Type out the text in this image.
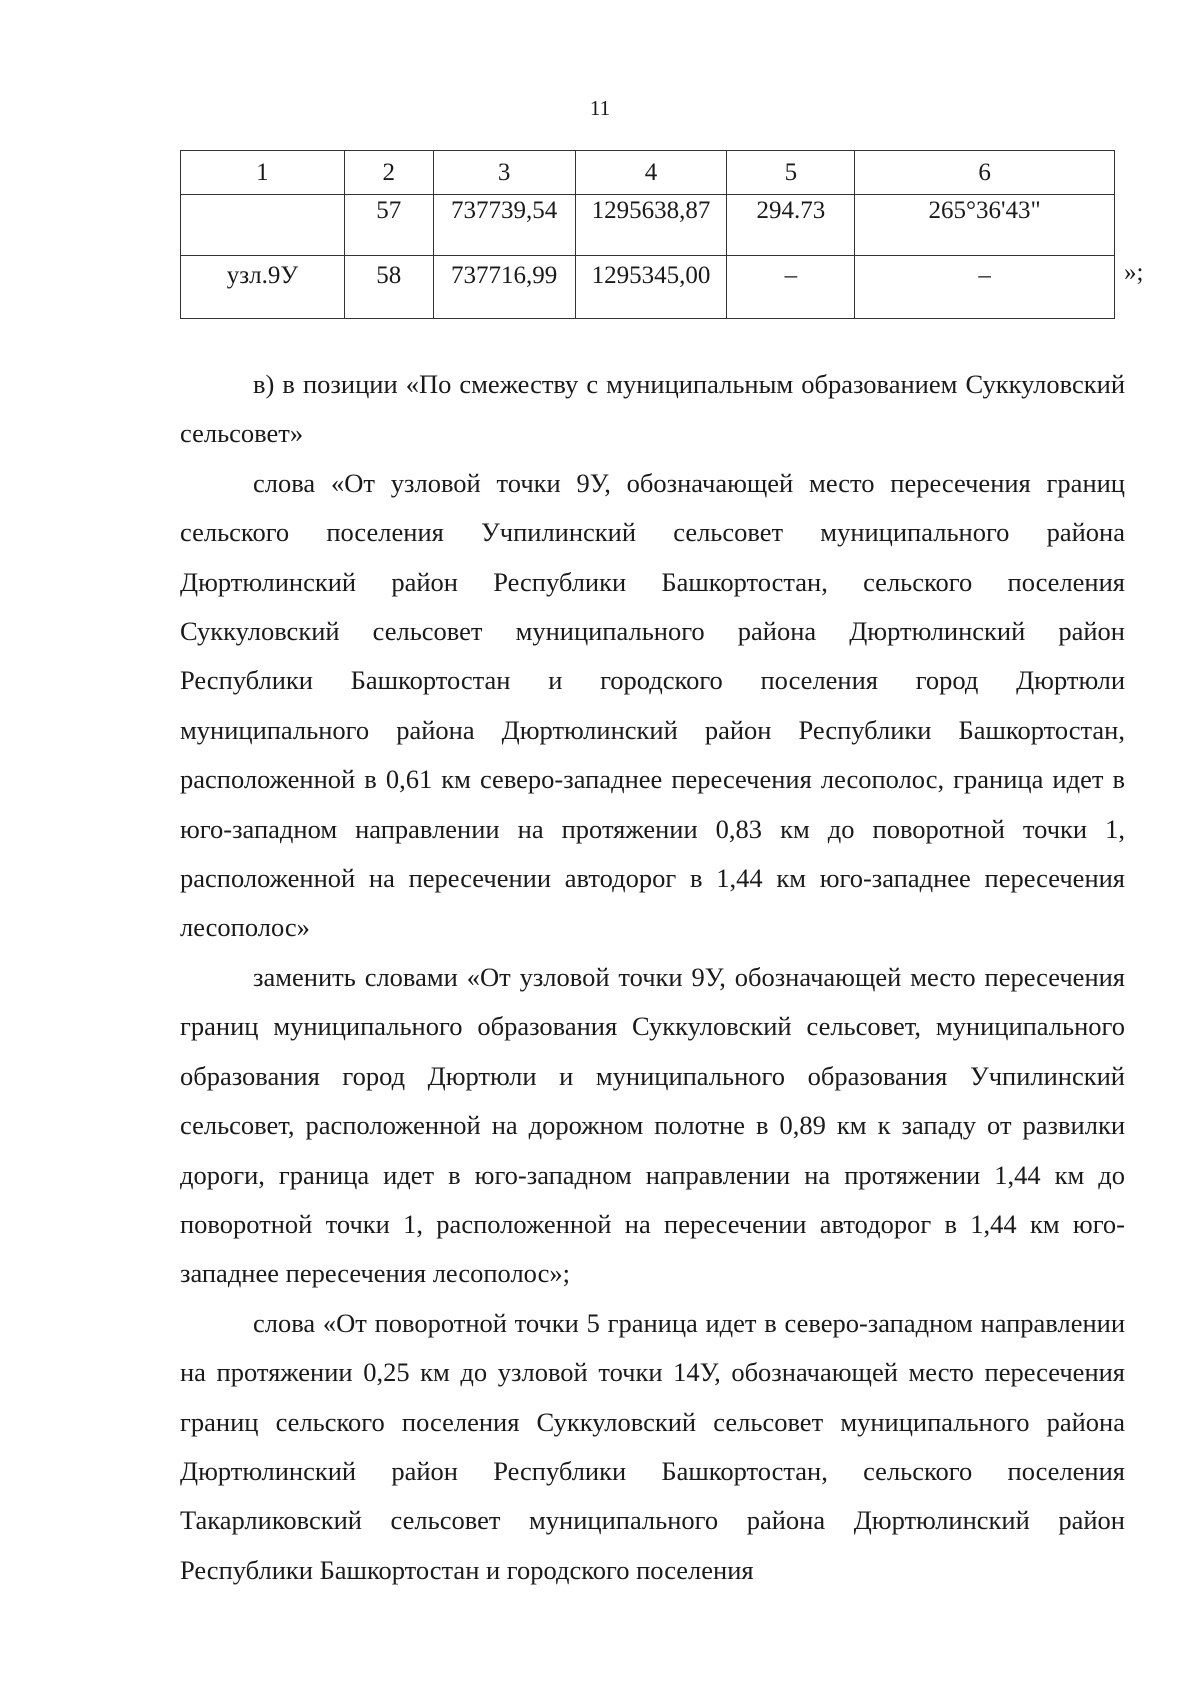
11
1	2	3	4	5	6
	57	737739,54	1295638,87	294.73	265°36'43"
узл.9У	58	737716,99	1295345,00	–	–	»;

в) в позиции «По смежеству с муниципальным образованием Суккуловский сельсовет»

слова «От узловой точки 9У, обозначающей место пересечения границ сельского поселения Учпилинский сельсовет муниципального района Дюртюлинский район Республики Башкортостан, сельского поселения Суккуловский сельсовет муниципального района Дюртюлинский район Республики Башкортостан и городского поселения город Дюртюли муниципального района Дюртюлинский район Республики Башкортостан, расположенной в 0,61 км северо-западнее пересечения лесополос, граница идет в юго-западном направлении на протяжении 0,83 км до поворотной точки 1, расположенной на пересечении автодорог в 1,44 км юго-западнее пересечения лесополос»

заменить словами «От узловой точки 9У, обозначающей место пересечения границ муниципального образования Суккуловский сельсовет, муниципального образования город Дюртюли и муниципального образования Учпилинский сельсовет, расположенной на дорожном полотне в 0,89 км к западу от развилки дороги, граница идет в юго-западном направлении на протяжении 1,44 км до поворотной точки 1, расположенной на пересечении автодорог в 1,44 км юго-западнее пересечения лесополос»;

слова «От поворотной точки 5 граница идет в северо-западном направлении на протяжении 0,25 км до узловой точки 14У, обозначающей место пересечения границ сельского поселения Суккуловский сельсовет муниципального района Дюртюлинский район Республики Башкортостан, сельского поселения Такарликовский сельсовет муниципального района Дюртюлинский район Республики Башкортостан и городского поселения
